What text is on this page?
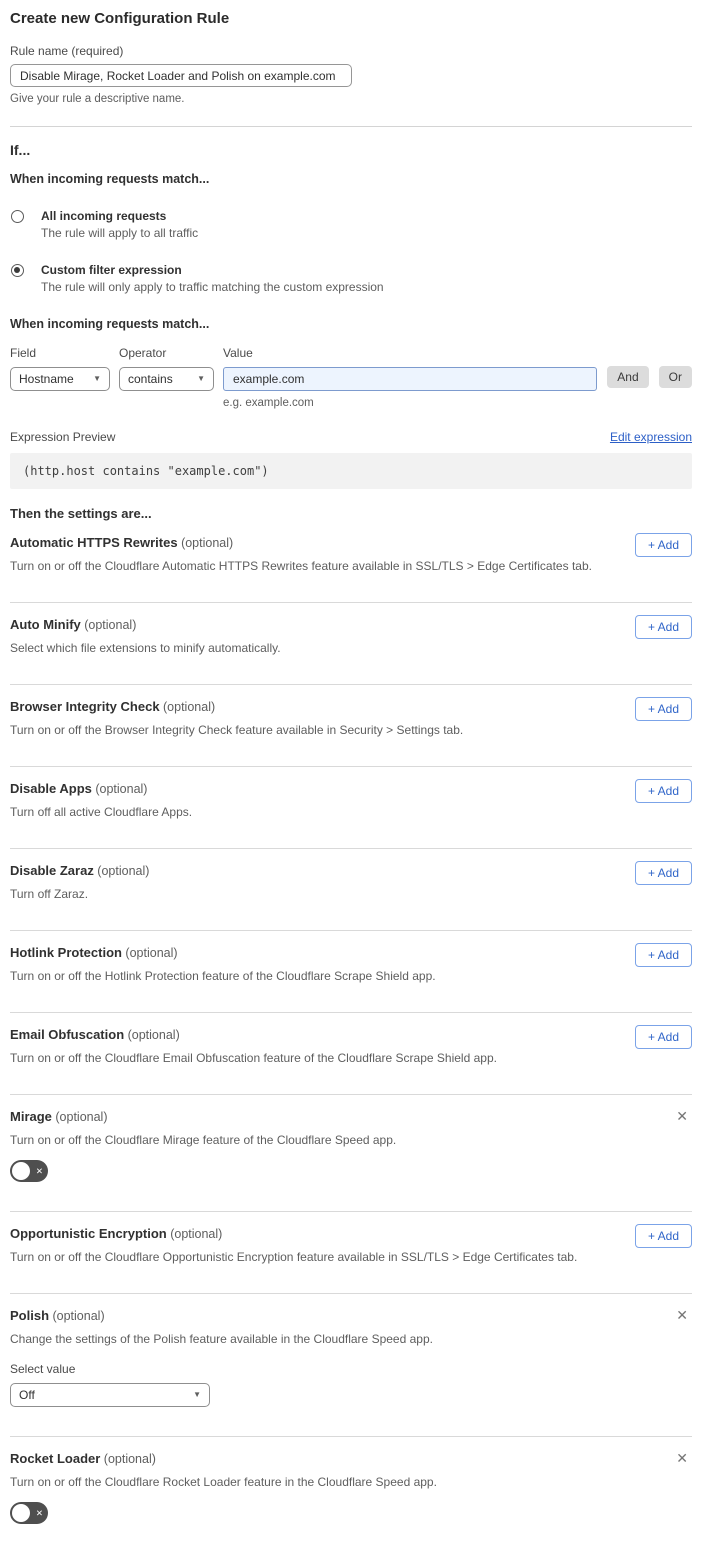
Create new Configuration Rule
Rule name (required)
Disable Mirage, Rocket Loader and Polish on example.com
Give your rule a descriptive name.
If...
When incoming requests match...
All incoming requests
The rule will apply to all traffic
Custom filter expression
The rule will only apply to traffic matching the custom expression
When incoming requests match...
Field
Hostname ▼
Operator
contains	▼
Value
example.com
e.g. example.com
And	Or
Expression Preview	Edit expression
(http.host contains "example.com")
Then the settings are...
Automatic HTTPS Rewrites (optional)
Turn on or off the Cloudflare Automatic HTTPS Rewrites feature available in SSL/TLS > Edge Certificates tab.
+ Add
Auto Minify (optional)
Select which file extensions to minify automatically.
+ Add
Browser Integrity Check (optional)
Turn on or off the Browser Integrity Check feature available in Security > Settings tab.
+ Add
Disable Apps (optional)
Turn off all active Cloudflare Apps.
+ Add
Disable Zaraz (optional)
Turn off Zaraz.
+ Add
Hotlink Protection (optional)
Turn on or off the Hotlink Protection feature of the Cloudflare Scrape Shield app.
+ Add
Email Obfuscation (optional)
Turn on or off the Cloudflare Email Obfuscation feature of the Cloudflare Scrape Shield app.
+ Add
Mirage (optional)
Turn on or off the Cloudflare Mirage feature of the Cloudflare Speed app.
✕
✕
Opportunistic Encryption (optional)
Turn on or off the Cloudflare Opportunistic Encryption feature available in SSL/TLS > Edge Certificates tab.
+ Add
Polish (optional)
Change the settings of the Polish feature available in the Cloudflare Speed app.
Select value
Off	▼
✕
Rocket Loader (optional)
Turn on or off the Cloudflare Rocket Loader feature in the Cloudflare Speed app.
✕
✕
